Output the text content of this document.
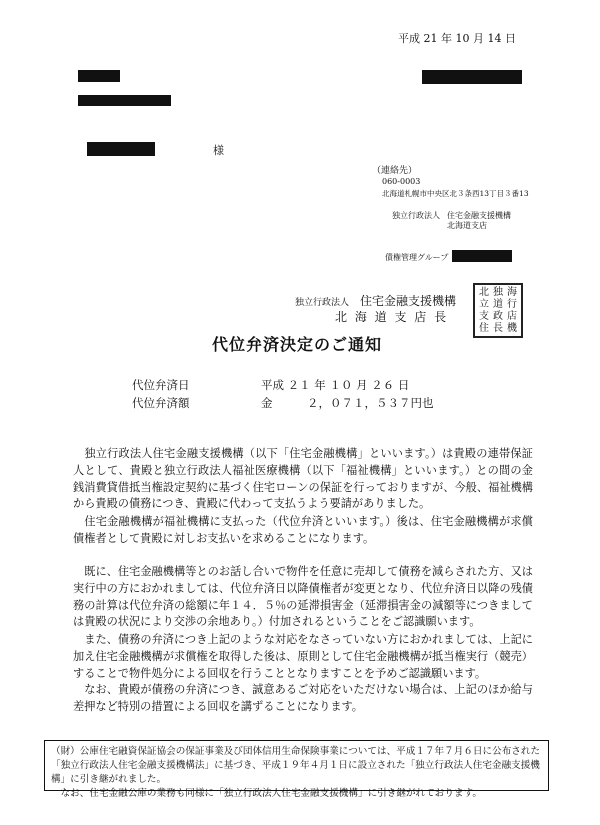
平成 21 年 10 月 14 日
様
（連絡先）
060-0003
北海道札幌市中央区北３条西13丁目３番13
独立行政法人 住宅金融支援機構
北海道支店
債権管理グループ
独立行政法人 住宅金融支援機構
北 海 道 支 店 長
北 独 海
立 道 行
支 政 店
住 長 機
代位弁済決定のご通知
代位弁済日	平成 ２１ 年 １０ 月 ２６ 日
代位弁済額	金　　　２，０７１，５３７円也
　独立行政法人住宅金融支援機構（以下「住宅金融機構」といいます。）は貴殿の連帯保証人として、貴殿と独立行政法人福祉医療機構（以下「福祉機構」といいます。）との間の金銭消費貸借抵当権設定契約に基づく住宅ローンの保証を行っておりますが、今般、福祉機構から貴殿の債務につき、貴殿に代わって支払うよう要請がありました。
　住宅金融機構が福祉機構に支払った（代位弁済といいます。）後は、住宅金融機構が求償債権者として貴殿に対しお支払いを求めることになります。
　既に、住宅金融機構等とのお話し合いで物件を任意に売却して債務を減らされた方、又は実行中の方におかれましては、代位弁済日以降債権者が変更となり、代位弁済日以降の残債務の計算は代位弁済の総額に年１４．５％の延滞損害金（延滞損害金の減額等につきましては貴殿の状況により交渉の余地あり。）付加されるということをご認識願います。
　また、債務の弁済につき上記のような対応をなさっていない方におかれましては、上記に加え住宅金融機構が求償権を取得した後は、原則として住宅金融機構が抵当権実行（競売）することで物件処分による回収を行うこととなりますことを予めご認識願います。
　なお、貴殿が債務の弁済につき、誠意あるご対応をいただけない場合は、上記のほか給与差押など特別の措置による回収を講ずることになります。
（財）公庫住宅融資保証協会の保証事業及び団体信用生命保険事業については、平成１７年７月６日に公布された「独立行政法人住宅金融支援機構法」に基づき、平成１９年４月１日に設立された「独立行政法人住宅金融支援機構」に引き継がれました。
　なお、住宅金融公庫の業務も同様に「独立行政法人住宅金融支援機構」に引き継がれております。
